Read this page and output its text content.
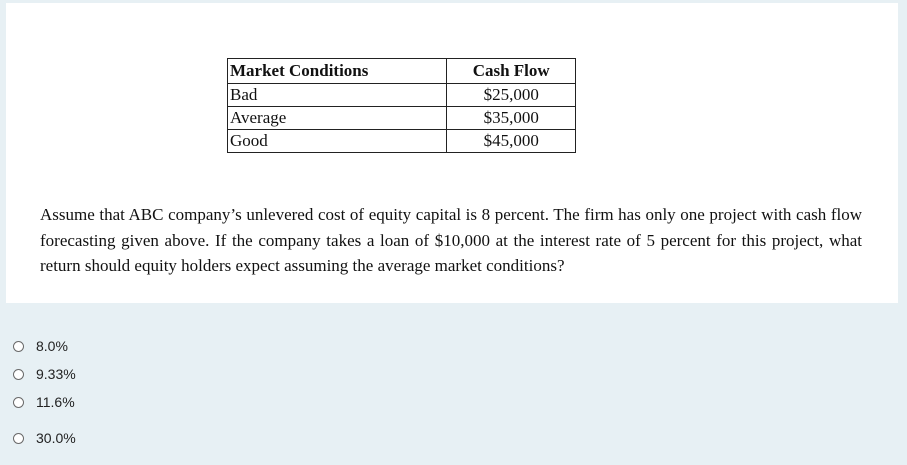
Market Conditions	Cash Flow
Bad	$25,000
Average	$35,000
Good	$45,000
Assume that ABC company’s unlevered cost of equity capital is 8 percent. The firm has only one project with cash flow forecasting given above. If the company takes a loan of $10,000 at the interest rate of 5 percent for this project, what return should equity holders expect assuming the average market conditions?
8.0%
9.33%
11.6%
30.0%
